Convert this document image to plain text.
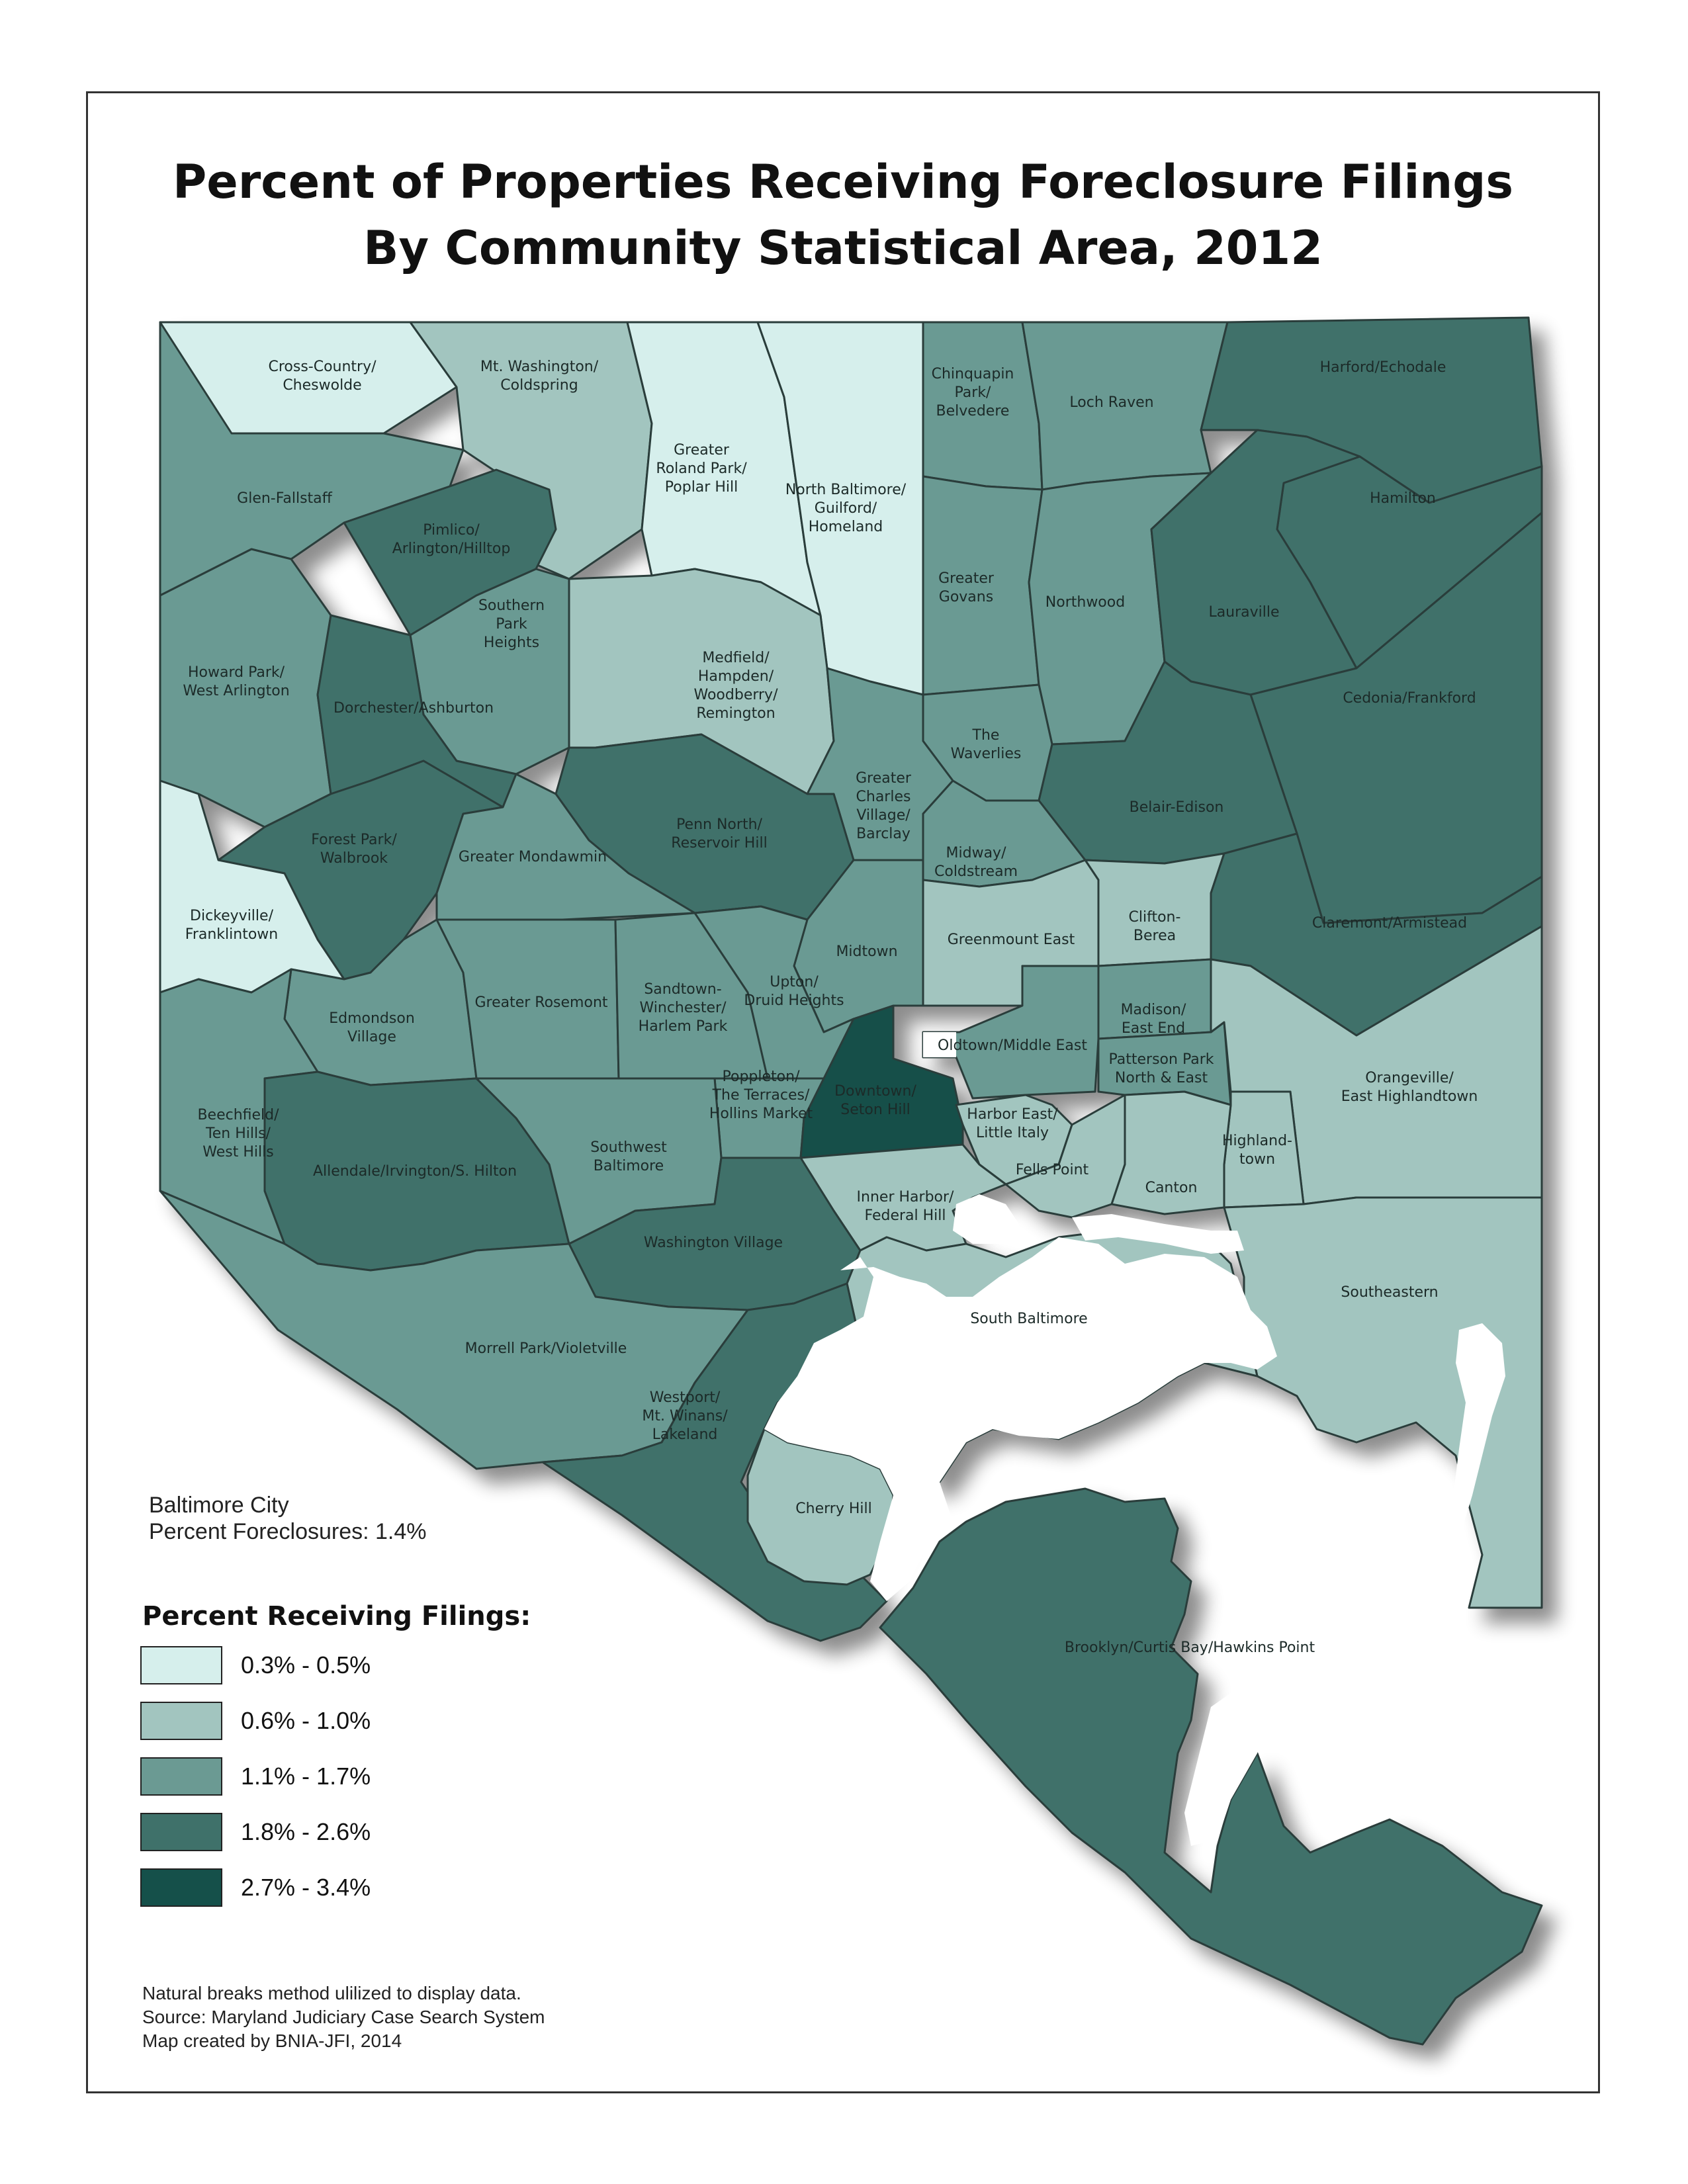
Percent of Properties Receiving Foreclosure Filings
By Community Statistical Area, 2012
Cross-Country/ Cheswolde
Mt. Washington/ Coldspring
Greater Roland Park/ Poplar Hill	North Baltimore/ Guilford/ Homeland
Chinquapin Park/ Belvedere
Loch Raven
Harford/Echodale
Glen-Fallstaff
Pimlico/ Arlington/Hilltop
Hamilton
Greater Govans	Northwood
Lauraville
Southern Park Heights
Howard Park/ West Arlington
Medfield/ Hampden/ Woodberry/ Remington
Dorchester/Ashburton
Cedonia/Frankford
The Waverlies
Greater Charles Village/ Barclay
Belair-Edison
Penn North/ Reservoir Hill
Forest Park/ Walbrook	Greater Mondawmin	Midway/ Coldstream
Clifton-Berea
Claremont/Armistead
Dickeyville/ Franklintown	Greenmount East
Midtown
Edmondson Village
Greater Rosemont
Sandtown-Winchester/ Harlem Park
Upton/ Druid Heights
Madison/ East End
Oldtown/Middle East
Patterson Park North & East	Orangeville/ East Highlandtown
Beechfield/ Ten Hills/ West Hills
Poppleton/ The Terraces/ Hollins Market
Downtown/ Seton Hill	Harbor East/ Little Italy
Allendale/Irvington/S. Hilton
Southwest Baltimore
Highland-town
Fells Point
Canton
Inner Harbor/ Federal Hill
Washington Village
Southeastern
South Baltimore
Morrell Park/Violetville
Westport/ Mt. Winans/ Lakeland
Cherry Hill
Brooklyn/Curtis Bay/Hawkins Point
Baltimore City
Percent Foreclosures: 1.4%
Percent Receiving Filings:
0.3% - 0.5%
0.6% - 1.0%
1.1% - 1.7%
1.8% - 2.6%
2.7% - 3.4%
Natural breaks method ulilized to display data.
Source: Maryland Judiciary Case Search System
Map created by BNIA-JFI, 2014
